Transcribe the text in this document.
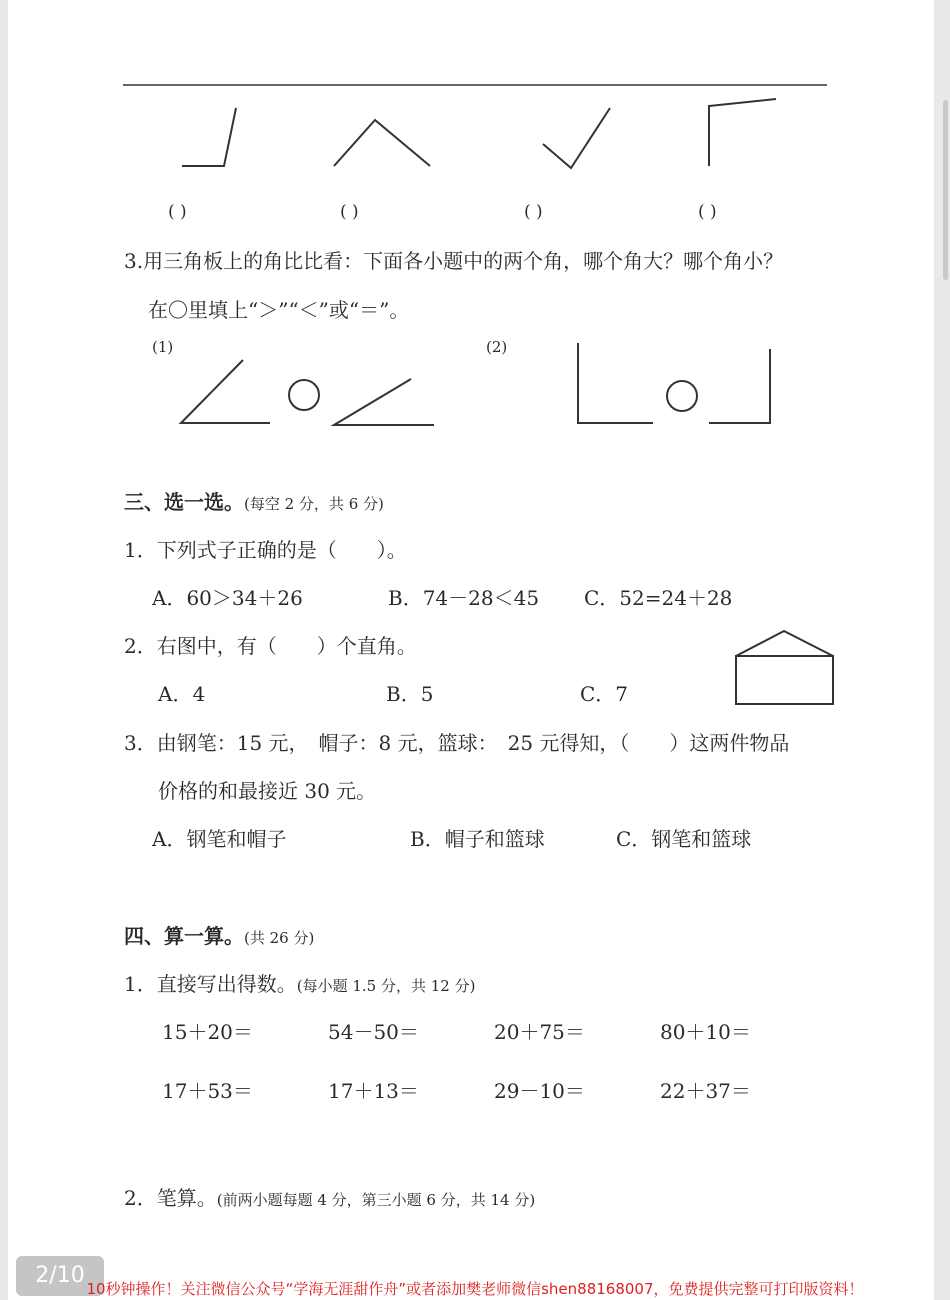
( )	( )	( )	( )
3.用三角板上的角比比看：下面各小题中的两个角，哪个角大？哪个角小？
在〇里填上“＞”“＜”或“＝”。
(1)	(2)
三、选一选。(每空 2 分，共 6 分)
1．下列式子正确的是（　　）。
A．60＞34＋26	B．74－28＜45 C．52=24＋28
2．右图中，有（　　）个直角。
A．4	B．5	C．7
3．由钢笔：15 元，　帽子：8 元，篮球：　25 元得知，（　　）这两件物品
价格的和最接近 30 元。
A．钢笔和帽子	B．帽子和篮球	C．钢笔和篮球
四、算一算。(共 26 分)
1．直接写出得数。(每小题 1.5 分，共 12 分)
15＋20＝	54－50＝	20＋75＝	80＋10＝
17＋53＝	17＋13＝	29－10＝	22＋37＝
2．笔算。(前两小题每题 4 分，第三小题 6 分，共 14 分)
2/10
10秒钟操作！关注微信公众号“学海无涯甜作舟”或者添加樊老师微信shen88168007，免费提供完整可打印版资料！
